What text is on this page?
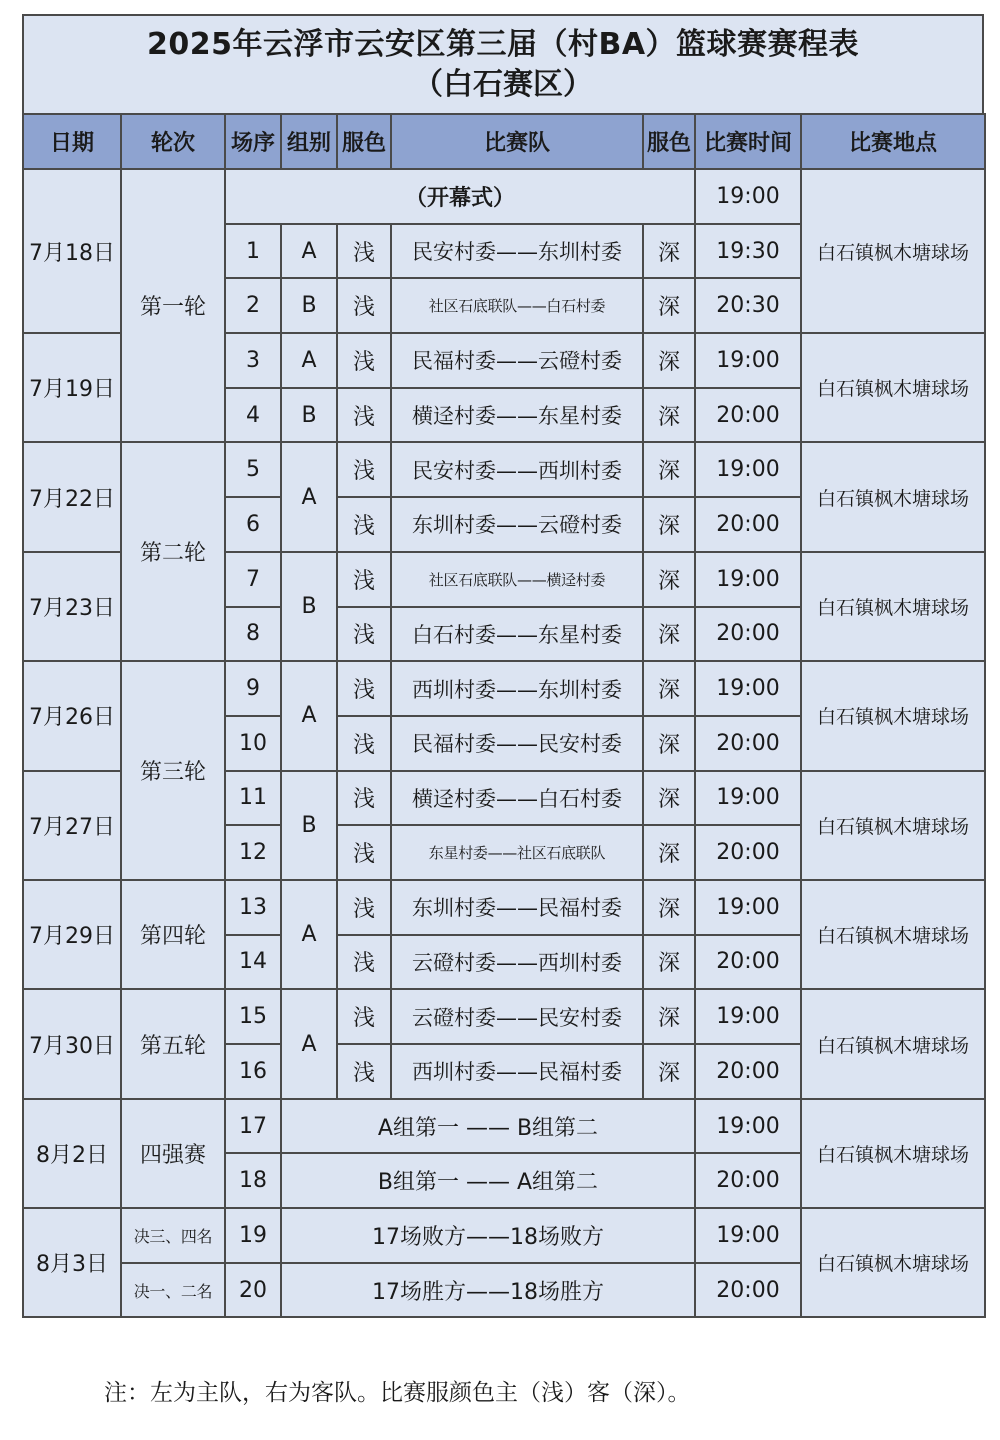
2025年云浮市云安区第三届（村BA）篮球赛赛程表
（白石赛区）
日期	轮次	场序	组别	服色	比赛队	服色	比赛时间	比赛地点
7月18日	第一轮	（开幕式）					19:00	白石镇枫木塘球场
		1	A	浅	民安村委——东圳村委	深	19:30	
		2	B	浅	社区石底联队——白石村委	深	20:30	
7月19日		3	A	浅	民福村委——云磴村委	深	19:00	白石镇枫木塘球场
		4	B	浅	横迳村委——东星村委	深	20:00	
7月22日	第二轮	5	A	浅	民安村委——西圳村委	深	19:00	白石镇枫木塘球场
		6		浅	东圳村委——云磴村委	深	20:00	
7月23日		7	B	浅	社区石底联队——横迳村委	深	19:00	白石镇枫木塘球场
		8		浅	白石村委——东星村委	深	20:00	
7月26日	第三轮	9	A	浅	西圳村委——东圳村委	深	19:00	白石镇枫木塘球场
		10		浅	民福村委——民安村委	深	20:00	
7月27日		11	B	浅	横迳村委——白石村委	深	19:00	白石镇枫木塘球场
		12		浅	东星村委——社区石底联队	深	20:00	
7月29日	第四轮	13	A	浅	东圳村委——民福村委	深	19:00	白石镇枫木塘球场
		14		浅	云磴村委——西圳村委	深	20:00	
7月30日	第五轮	15	A	浅	云磴村委——民安村委	深	19:00	白石镇枫木塘球场
		16		浅	西圳村委——民福村委	深	20:00	
8月2日	四强赛	17	A组第一 —— B组第二				19:00	白石镇枫木塘球场
		18	B组第一 —— A组第二				20:00	
8月3日	决三、四名	19	17场败方——18场败方				19:00	白石镇枫木塘球场
	决一、二名	20	17场胜方——18场胜方				20:00	
注：左为主队，右为客队。比赛服颜色主（浅）客（深）。
